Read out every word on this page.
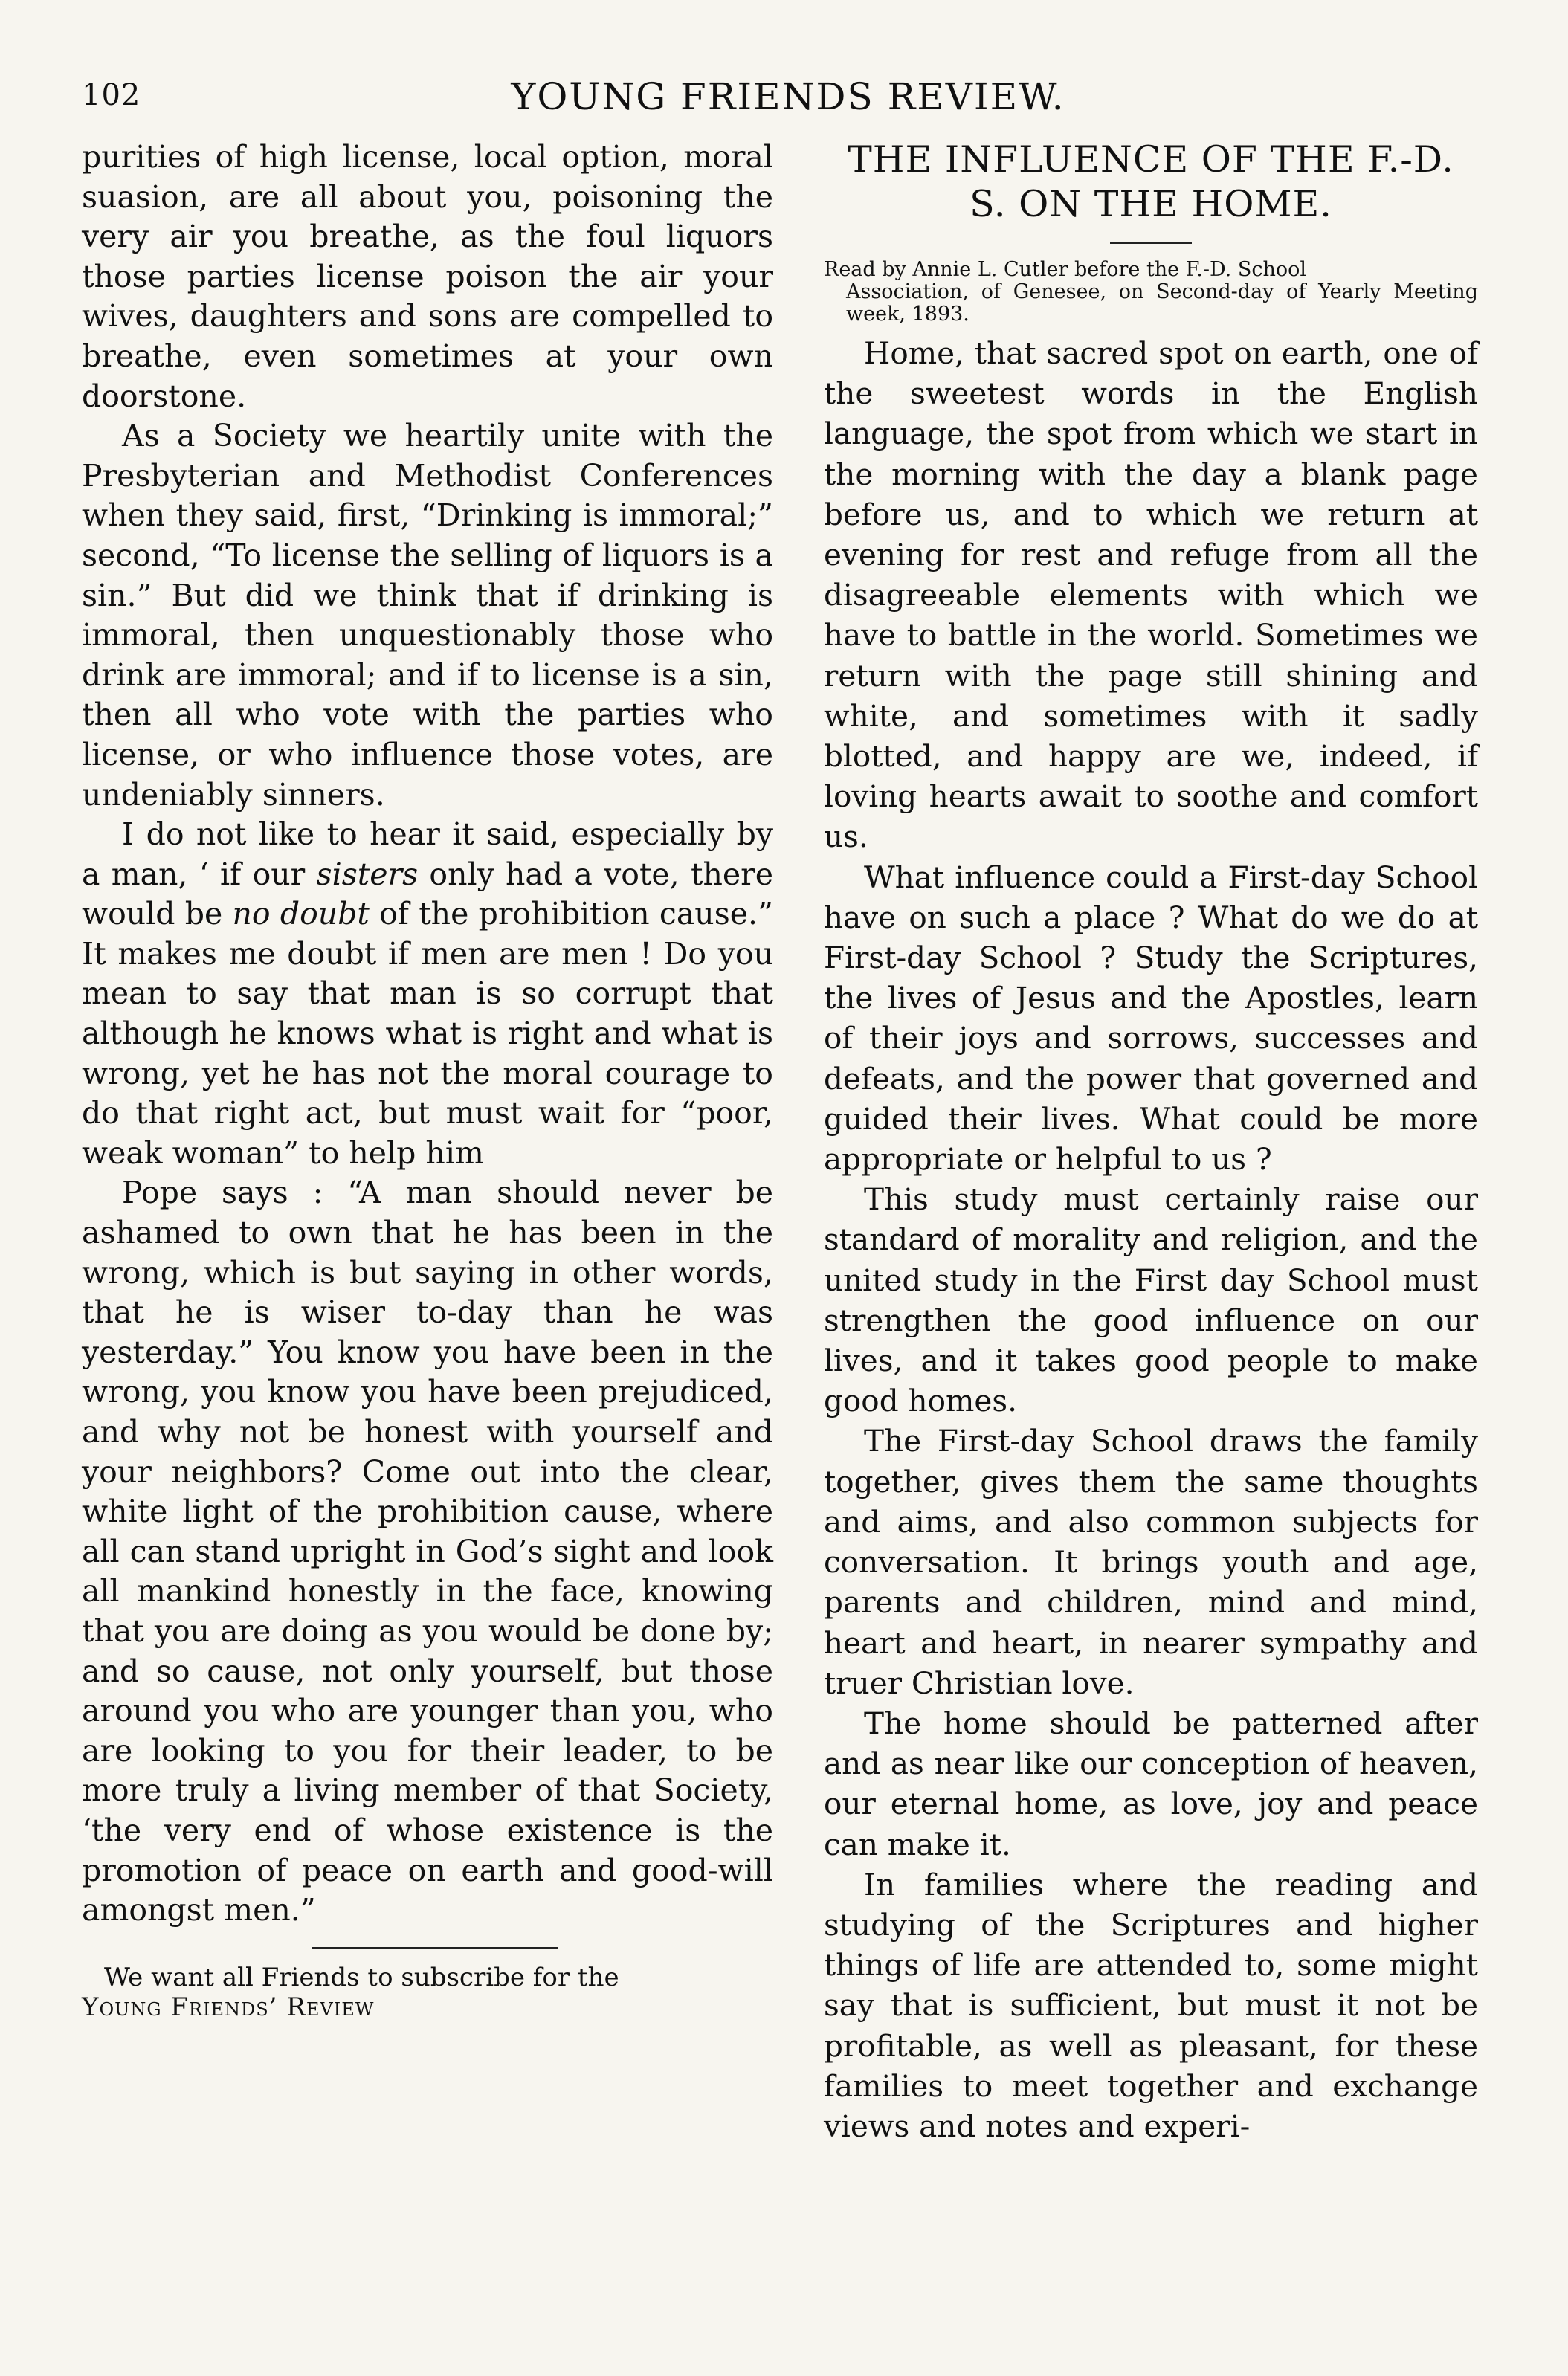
102	YOUNG FRIENDS REVIEW.

purities of high license, local option, moral suasion, are all about you, poisoning the very air you breathe, as the foul liquors those parties license poison the air your wives, daughters and sons are compelled to breathe, even sometimes at your own doorstone.

As a Society we heartily unite with the Presbyterian and Methodist Conferences when they said, first, “Drinking is immoral;” second, “To license the selling of liquors is a sin.” But did we think that if drinking is immoral, then unquestionably those who drink are immoral; and if to license is a sin, then all who vote with the parties who license, or who influence those votes, are undeniably sinners.

I do not like to hear it said, especially by a man, ‘ if our sisters only had a vote, there would be no doubt of the prohibition cause.” It makes me doubt if men are men ! Do you mean to say that man is so corrupt that although he knows what is right and what is wrong, yet he has not the moral courage to do that right act, but must wait for “poor, weak woman” to help him

Pope says : “A man should never be ashamed to own that he has been in the wrong, which is but saying in other words, that he is wiser to-day than he was yesterday.” You know you have been in the wrong, you know you have been prejudiced, and why not be honest with yourself and your neighbors? Come out into the clear, white light of the prohibition cause, where all can stand upright in God’s sight and look all mankind honestly in the face, knowing that you are doing as you would be done by; and so cause, not only yourself, but those around you who are younger than you, who are looking to you for their leader, to be more truly a living member of that Society, ‘the very end of whose existence is the promotion of peace on earth and good-will amongst men.”

We want all Friends to subscribe for the
Young Friends’ Review
THE INFLUENCE OF THE F.-D.
S. ON THE HOME.
Read by Annie L. Cutler before the F.-D. School
Association, of Genesee, on Second-day of Yearly Meeting week, 1893.

Home, that sacred spot on earth, one of the sweetest words in the English language, the spot from which we start in the morning with the day a blank page before us, and to which we return at evening for rest and refuge from all the disagreeable elements with which we have to battle in the world. Sometimes we return with the page still shining and white, and sometimes with it sadly blotted, and happy are we, indeed, if loving hearts await to soothe and comfort us.

What influence could a First-day School have on such a place ? What do we do at First-day School ? Study the Scriptures, the lives of Jesus and the Apostles, learn of their joys and sorrows, successes and defeats, and the power that governed and guided their lives. What could be more appropriate or helpful to us ?

This study must certainly raise our standard of morality and religion, and the united study in the First day School must strengthen the good influence on our lives, and it takes good people to make good homes.

The First-day School draws the family together, gives them the same thoughts and aims, and also common subjects for conversation. It brings youth and age, parents and children, mind and mind, heart and heart, in nearer sympathy and truer Christian love.

The home should be patterned after and as near like our conception of heaven, our eternal home, as love, joy and peace can make it.

In families where the reading and studying of the Scriptures and higher things of life are attended to, some might say that is sufficient, but must it not be profitable, as well as pleasant, for these families to meet together and exchange views and notes and experi-
